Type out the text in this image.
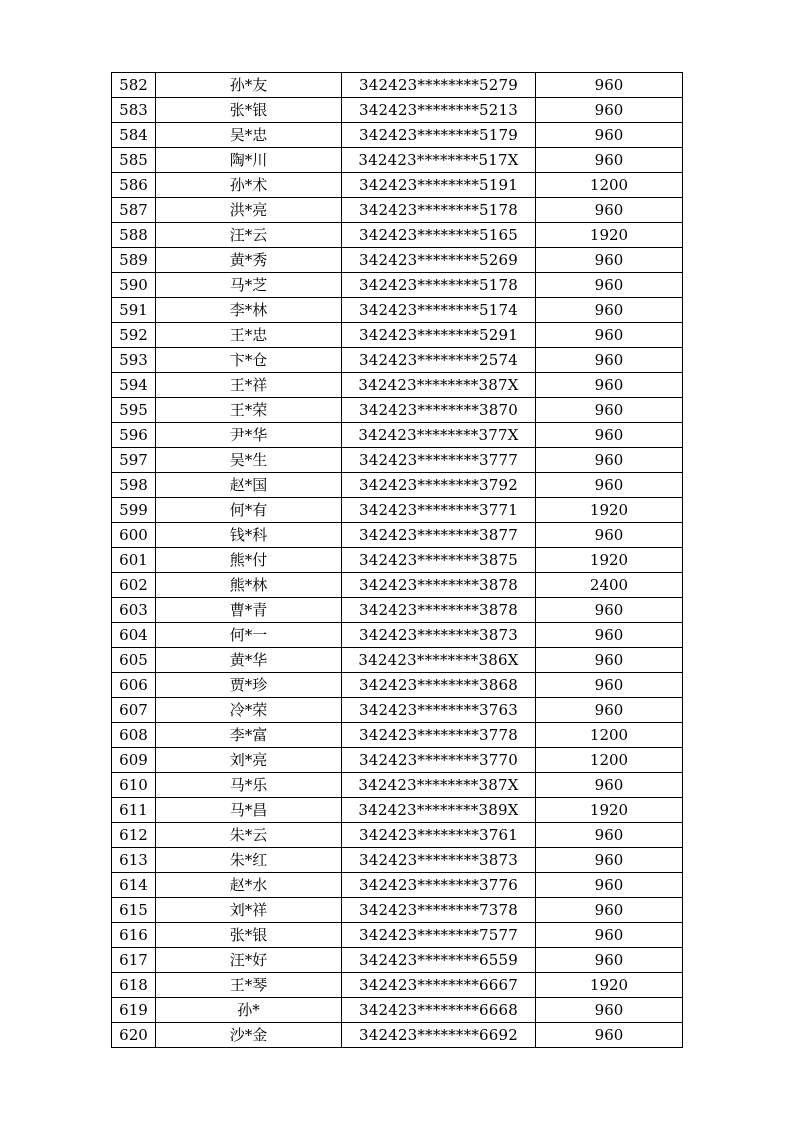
582	孙*友	342423********5279	960
583	张*银	342423********5213	960
584	吴*忠	342423********5179	960
585	陶*川	342423********517X	960
586	孙*术	342423********5191	1200
587	洪*亮	342423********5178	960
588	汪*云	342423********5165	1920
589	黄*秀	342423********5269	960
590	马*芝	342423********5178	960
591	李*林	342423********5174	960
592	王*忠	342423********5291	960
593	卞*仓	342423********2574	960
594	王*祥	342423********387X	960
595	王*荣	342423********3870	960
596	尹*华	342423********377X	960
597	吴*生	342423********3777	960
598	赵*国	342423********3792	960
599	何*有	342423********3771	1920
600	钱*科	342423********3877	960
601	熊*付	342423********3875	1920
602	熊*林	342423********3878	2400
603	曹*青	342423********3878	960
604	何*一	342423********3873	960
605	黄*华	342423********386X	960
606	贾*珍	342423********3868	960
607	冷*荣	342423********3763	960
608	李*富	342423********3778	1200
609	刘*亮	342423********3770	1200
610	马*乐	342423********387X	960
611	马*昌	342423********389X	1920
612	朱*云	342423********3761	960
613	朱*红	342423********3873	960
614	赵*水	342423********3776	960
615	刘*祥	342423********7378	960
616	张*银	342423********7577	960
617	汪*好	342423********6559	960
618	王*琴	342423********6667	1920
619	孙*	342423********6668	960
620	沙*金	342423********6692	960
